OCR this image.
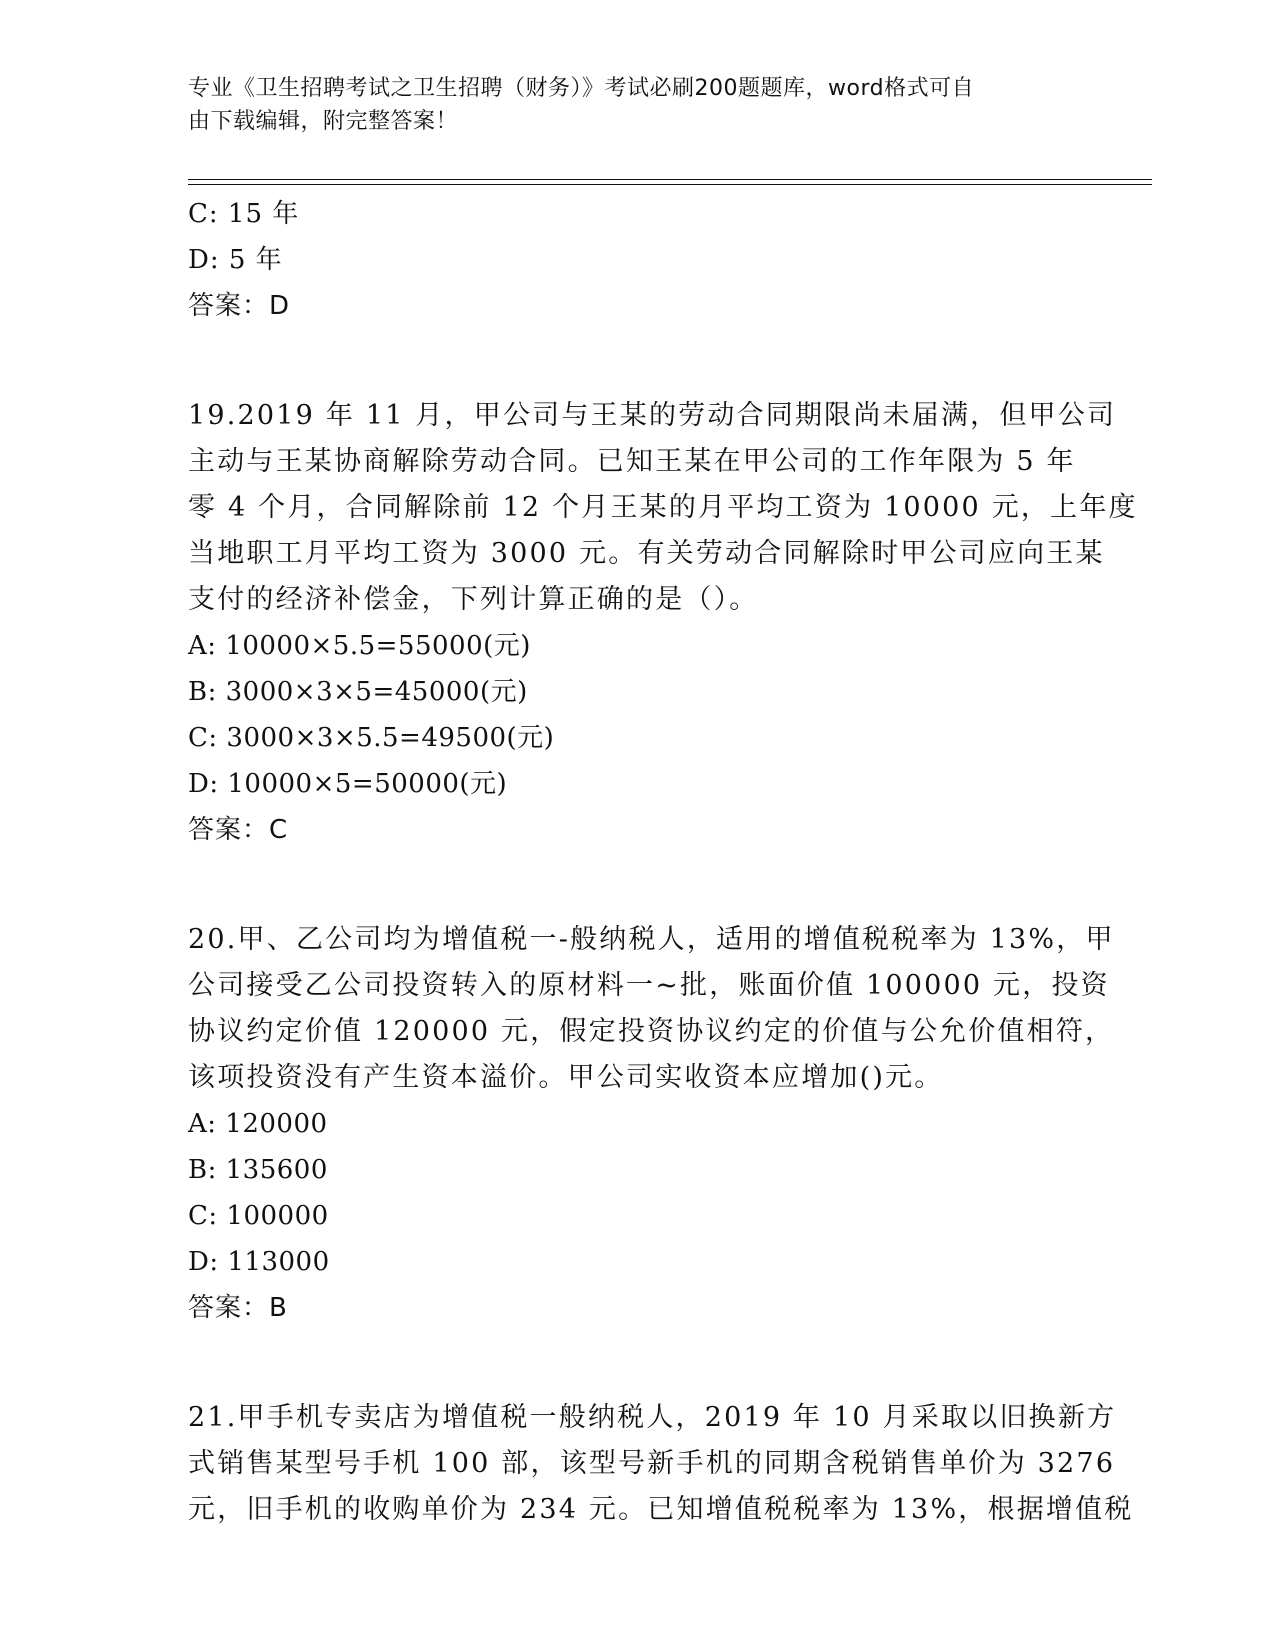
专业《卫生招聘考试之卫生招聘（财务）》考试必刷200题题库，word格式可自
由下载编辑，附完整答案！
C: 15 年
D: 5 年
答案：D
19.2019 年 11 月，甲公司与王某的劳动合同期限尚未届满，但甲公司
主动与王某协商解除劳动合同。已知王某在甲公司的工作年限为 5 年
零 4 个月，合同解除前 12 个月王某的月平均工资为 10000 元，上年度
当地职工月平均工资为 3000 元。有关劳动合同解除时甲公司应向王某
支付的经济补偿金，下列计算正确的是（）。
A: 10000×5.5=55000(元)
B: 3000×3×5=45000(元)
C: 3000×3×5.5=49500(元)
D: 10000×5=50000(元)
答案：C
20.甲、乙公司均为增值税一-般纳税人，适用的增值税税率为 13%，甲
公司接受乙公司投资转入的原材料一~批，账面价值 100000 元，投资
协议约定价值 120000 元，假定投资协议约定的价值与公允价值相符，
该项投资没有产生资本溢价。甲公司实收资本应增加()元。
A: 120000
B: 135600
C: 100000
D: 113000
答案：B
21.甲手机专卖店为增值税一般纳税人，2019 年 10 月采取以旧换新方
式销售某型号手机 100 部，该型号新手机的同期含税销售单价为 3276
元，旧手机的收购单价为 234 元。已知增值税税率为 13%，根据增值税
